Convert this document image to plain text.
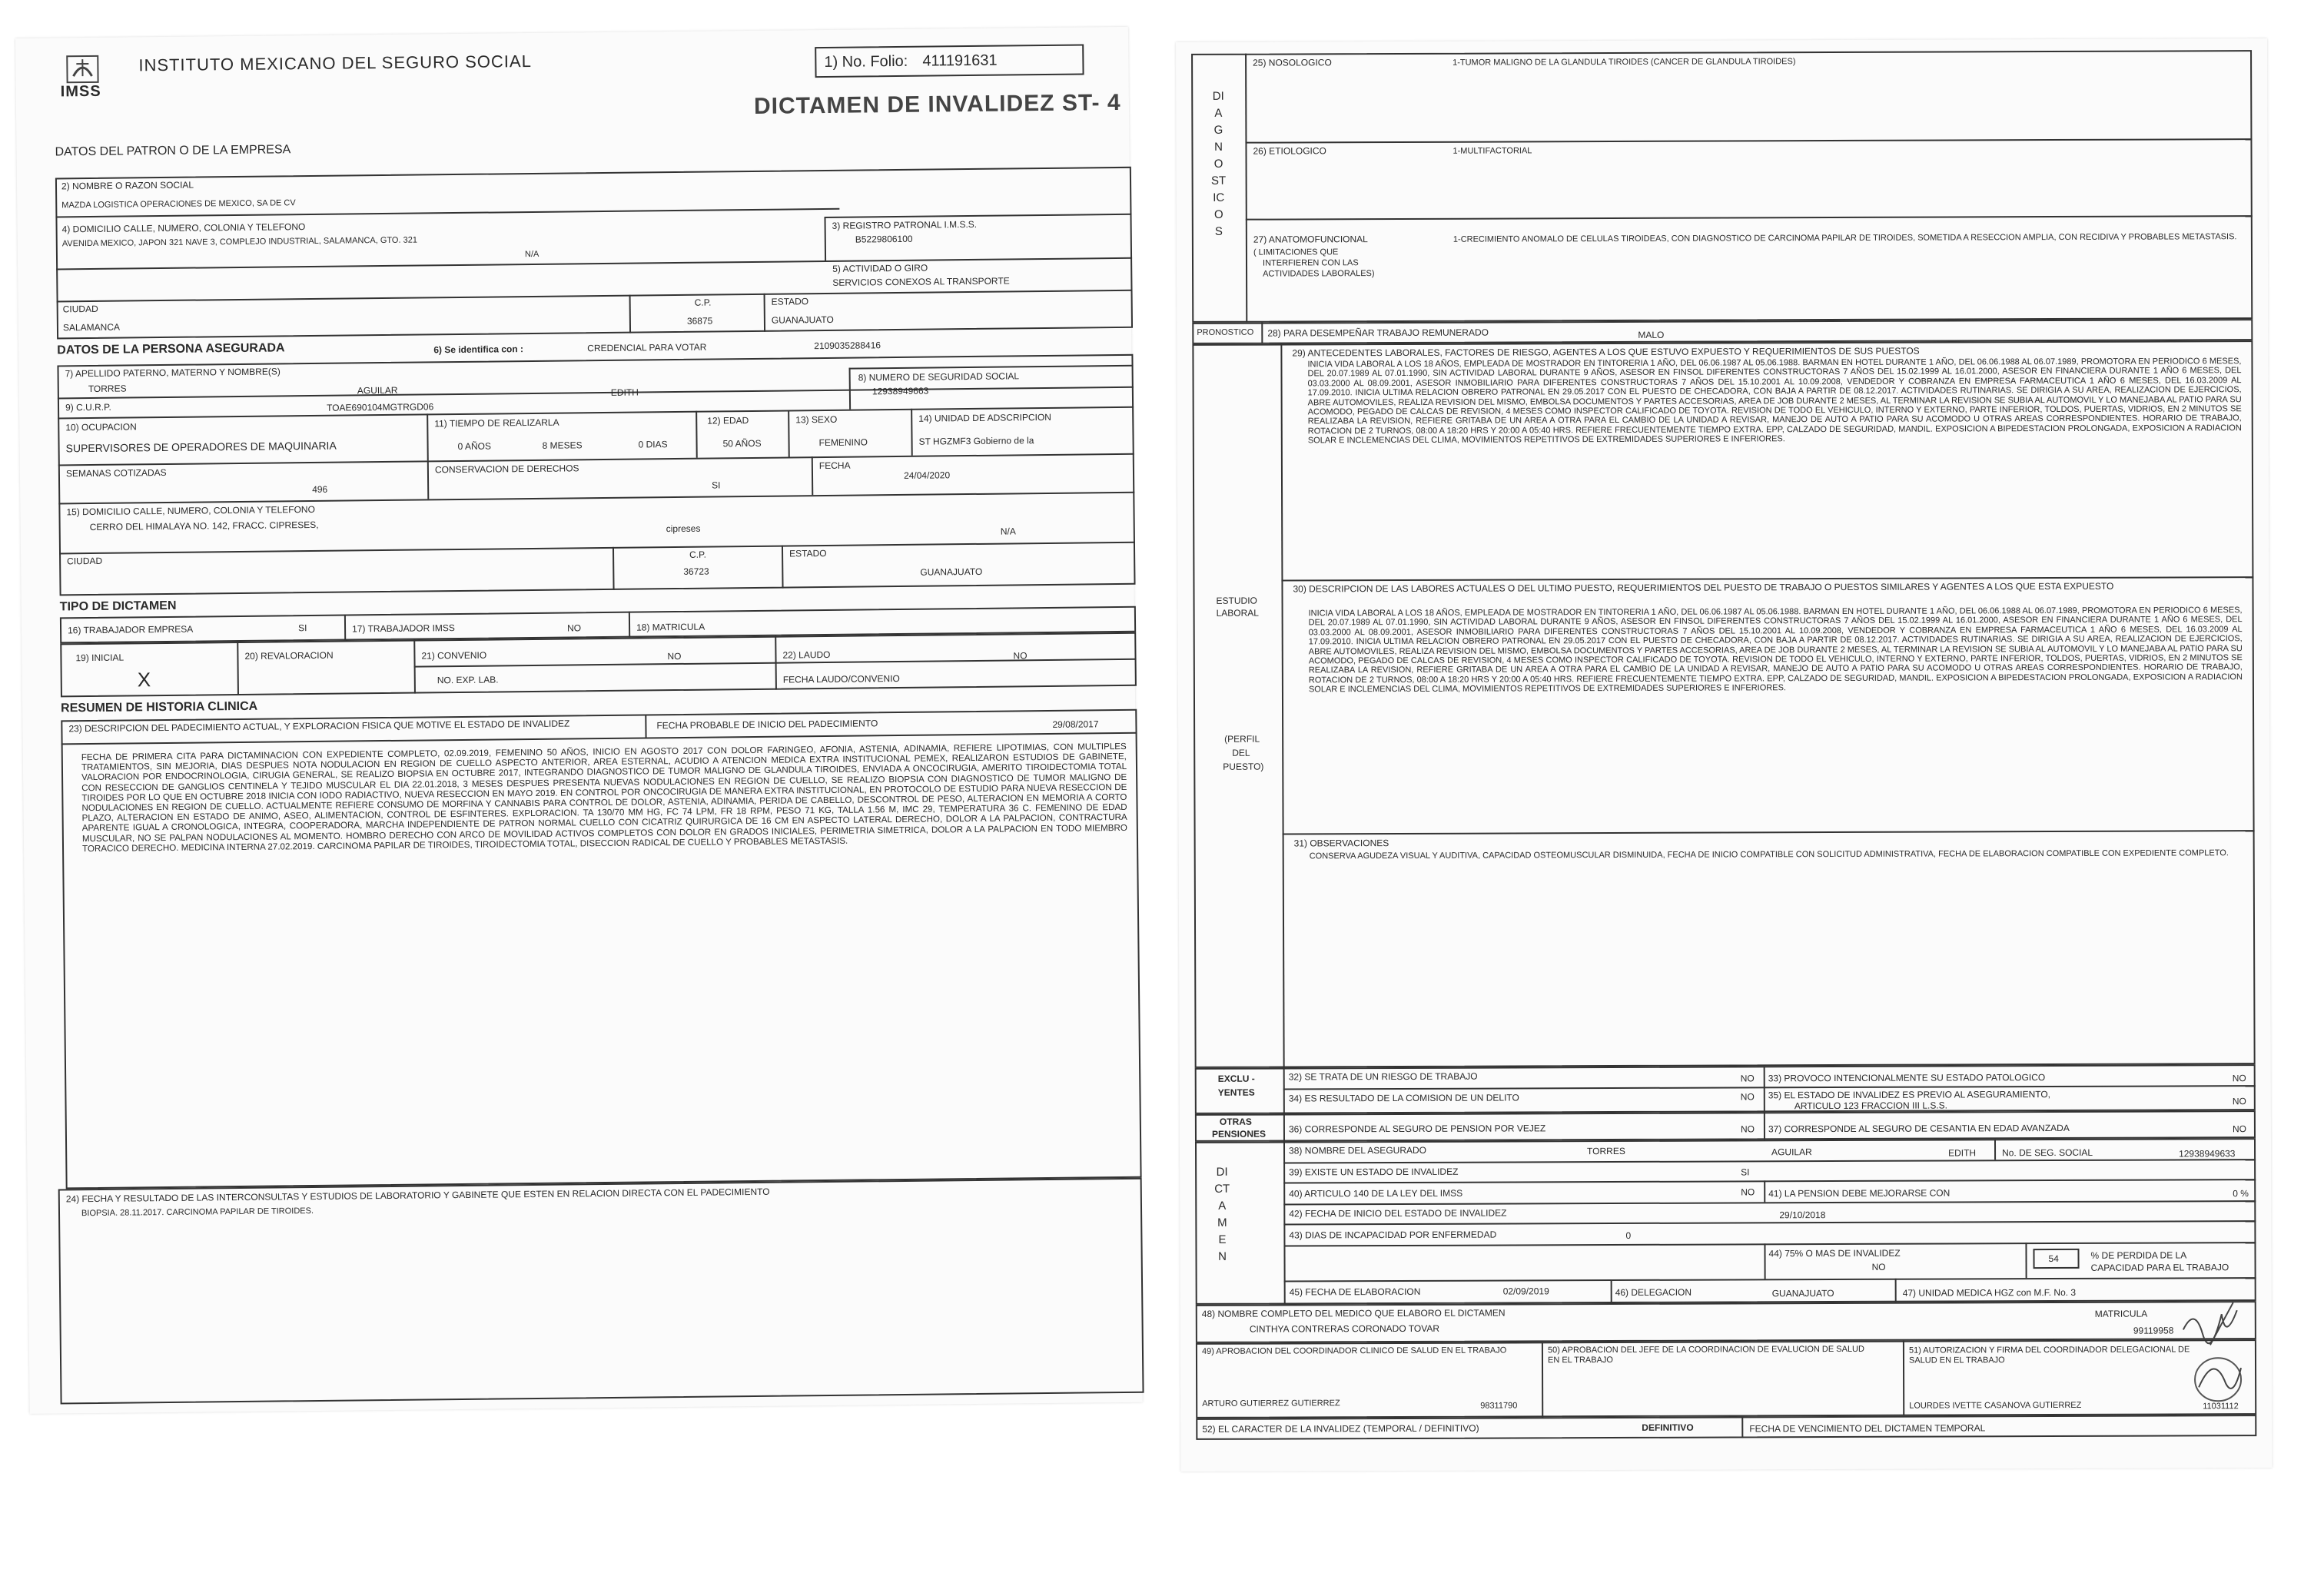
IMSS
INSTITUTO MEXICANO DEL SEGURO SOCIAL	1) No. Folio: 411191631
DICTAMEN DE INVALIDEZ ST- 4
DATOS DEL PATRON O DE LA EMPRESA
2) NOMBRE O RAZON SOCIAL
MAZDA LOGISTICA OPERACIONES DE MEXICO, SA DE CV
3) REGISTRO PATRONAL I.M.S.S.
B5229806100
4) DOMICILIO CALLE, NUMERO, COLONIA Y TELEFONO
AVENIDA MEXICO, JAPON 321 NAVE 3, COMPLEJO INDUSTRIAL, SALAMANCA, GTO. 321
N/A
5) ACTIVIDAD O GIRO
SERVICIOS CONEXOS AL TRANSPORTE
CIUDAD
SALAMANCA
C.P.
36875
ESTADO
GUANAJUATO
DATOS DE LA PERSONA ASEGURADA	6) Se identifica con :	CREDENCIAL PARA VOTAR	2109035288416
7) APELLIDO PATERNO, MATERNO Y NOMBRE(S)
TORRES	AGUILAR	EDITH
8) NUMERO DE SEGURIDAD SOCIAL
12938949663
9) C.U.R.P.	TOAE690104MGTRGD06
10) OCUPACION
SUPERVISORES DE OPERADORES DE MAQUINARIA
11) TIEMPO DE REALIZARLA
0 AÑOS	8 MESES	0 DIAS
12) EDAD
50 AÑOS
13) SEXO
FEMENINO
14) UNIDAD DE ADSCRIPCION
ST HGZMF3 Gobierno de la
SEMANAS COTIZADAS
496
CONSERVACION DE DERECHOS
SI
FECHA
24/04/2020
15) DOMICILIO CALLE, NUMERO, COLONIA Y TELEFONO
CERRO DEL HIMALAYA NO. 142, FRACC. CIPRESES,	cipreses	N/A
CIUDAD
C.P.
36723
ESTADO
GUANAJUATO
TIPO DE DICTAMEN
16) TRABAJADOR EMPRESA	SI	17) TRABAJADOR IMSS	NO	18) MATRICULA
19) INICIAL
X
20) REVALORACION	21) CONVENIO	NO	22) LAUDO	NO
NO. EXP. LAB.	FECHA LAUDO/CONVENIO
RESUMEN DE HISTORIA CLINICA
23) DESCRIPCION DEL PADECIMIENTO ACTUAL, Y EXPLORACION FISICA QUE MOTIVE EL ESTADO DE INVALIDEZ	FECHA PROBABLE DE INICIO DEL PADECIMIENTO	29/08/2017
FECHA DE PRIMERA CITA PARA DICTAMINACION CON EXPEDIENTE COMPLETO, 02.09.2019, FEMENINO 50 AÑOS, INICIO EN AGOSTO 2017 CON DOLOR FARINGEO, AFONIA, ASTENIA, ADINAMIA, REFIERE LIPOTIMIAS, CON MULTIPLES TRATAMIENTOS, SIN MEJORIA, DIAS DESPUES NOTA NODULACION EN REGION DE CUELLO ASPECTO ANTERIOR, AREA ESTERNAL, ACUDIO A ATENCION MEDICA EXTRA INSTITUCIONAL PEMEX, REALIZARON ESTUDIOS DE GABINETE, VALORACION POR ENDOCRINOLOGIA, CIRUGIA GENERAL, SE REALIZO BIOPSIA EN OCTUBRE 2017, INTEGRANDO DIAGNOSTICO DE TUMOR MALIGNO DE GLANDULA TIROIDES, ENVIADA A ONCOCIRUGIA, AMERITO TIROIDECTOMIA TOTAL CON RESECCION DE GANGLIOS CENTINELA Y TEJIDO MUSCULAR EL DIA 22.01.2018, 3 MESES DESPUES PRESENTA NUEVAS NODULACIONES EN REGION DE CUELLO, SE REALIZO BIOPSIA CON DIAGNOSTICO DE TUMOR MALIGNO DE TIROIDES POR LO QUE EN OCTUBRE 2018 INICIA CON IODO RADIACTIVO, NUEVA RESECCION EN MAYO 2019. EN CONTROL POR ONCOCIRUGIA DE MANERA EXTRA INSTITUCIONAL, EN PROTOCOLO DE ESTUDIO PARA NUEVA RESECCION DE NODULACIONES EN REGION DE CUELLO. ACTUALMENTE REFIERE CONSUMO DE MORFINA Y CANNABIS PARA CONTROL DE DOLOR, ASTENIA, ADINAMIA, PERIDA DE CABELLO, DESCONTROL DE PESO, ALTERACION EN MEMORIA A CORTO PLAZO, ALTERACION EN ESTADO DE ANIMO, ASEO, ALIMENTACION, CONTROL DE ESFINTERES. EXPLORACION. TA 130/70 MM HG, FC 74 LPM, FR 18 RPM, PESO 71 KG, TALLA 1.56 M, IMC 29, TEMPERATURA 36 C. FEMENINO DE EDAD APARENTE IGUAL A CRONOLOGICA, INTEGRA, COOPERADORA, MARCHA INDEPENDIENTE DE PATRON NORMAL CUELLO CON CICATRIZ QUIRURGICA DE 16 CM EN ASPECTO LATERAL DERECHO, DOLOR A LA PALPACION, CONTRACTURA MUSCULAR, NO SE PALPAN NODULACIONES AL MOMENTO. HOMBRO DERECHO CON ARCO DE MOVILIDAD ACTIVOS COMPLETOS CON DOLOR EN GRADOS INICIALES, PERIMETRIA SIMETRICA, DOLOR A LA PALPACION EN TODO MIEMBRO TORACICO DERECHO. MEDICINA INTERNA 27.02.2019. CARCINOMA PAPILAR DE TIROIDES, TIROIDECTOMIA TOTAL, DISECCION RADICAL DE CUELLO Y PROBABLES METASTASIS.
24) FECHA Y RESULTADO DE LAS INTERCONSULTAS Y ESTUDIOS DE LABORATORIO Y GABINETE QUE ESTEN EN RELACION DIRECTA CON EL PADECIMIENTO
BIOPSIA. 28.11.2017. CARCINOMA PAPILAR DE TIROIDES.
DIAGNOSTICOS
25) NOSOLOGICO	1-TUMOR MALIGNO DE LA GLANDULA TIROIDES (CANCER DE GLANDULA TIROIDES)
26) ETIOLOGICO	1-MULTIFACTORIAL
27) ANATOMOFUNCIONAL
( LIMITACIONES QUE
INTERFIEREN CON LAS
ACTIVIDADES LABORALES)
1-CRECIMIENTO ANOMALO DE CELULAS TIROIDEAS, CON DIAGNOSTICO DE CARCINOMA PAPILAR DE TIROIDES, SOMETIDA A RESECCION AMPLIA, CON RECIDIVA Y PROBABLES METASTASIS.
PRONOSTICO 28) PARA DESEMPEÑAR TRABAJO REMUNERADO	MALO
ESTUDIO
LABORAL
(PERFIL
DEL
PUESTO)
29) ANTECEDENTES LABORALES, FACTORES DE RIESGO, AGENTES A LOS QUE ESTUVO EXPUESTO Y REQUERIMIENTOS DE SUS PUESTOS
INICIA VIDA LABORAL A LOS 18 AÑOS, EMPLEADA DE MOSTRADOR EN TINTORERIA 1 AÑO, DEL 06.06.1987 AL 05.06.1988. BARMAN EN HOTEL DURANTE 1 AÑO, DEL 06.06.1988 AL 06.07.1989, PROMOTORA EN PERIODICO 6 MESES, DEL 20.07.1989 AL 07.01.1990, SIN ACTIVIDAD LABORAL DURANTE 9 AÑOS, ASESOR EN FINSOL DIFERENTES CONSTRUCTORAS 7 AÑOS DEL 15.02.1999 AL 16.01.2000, ASESOR EN FINANCIERA DURANTE 1 AÑO 6 MESES, DEL 03.03.2000 AL 08.09.2001, ASESOR INMOBILIARIO PARA DIFERENTES CONSTRUCTORAS 7 AÑOS DEL 15.10.2001 AL 10.09.2008, VENDEDOR Y COBRANZA EN EMPRESA FARMACEUTICA 1 AÑO 6 MESES, DEL 16.03.2009 AL 17.09.2010. INICIA ULTIMA RELACION OBRERO PATRONAL EN 29.05.2017 CON EL PUESTO DE CHECADORA, CON BAJA A PARTIR DE 08.12.2017. ACTIVIDADES RUTINARIAS. SE DIRIGIA A SU AREA, REALIZACION DE EJERCICIOS, ABRE AUTOMOVILES, REALIZA REVISION DEL MISMO, EMBOLSA DOCUMENTOS Y PARTES ACCESORIAS, AREA DE JOB DURANTE 2 MESES, AL TERMINAR LA REVISION SE SUBIA AL AUTOMOVIL Y LO MANEJABA AL PATIO PARA SU ACOMODO, PEGADO DE CALCAS DE REVISION, 4 MESES COMO INSPECTOR CALIFICADO DE TOYOTA. REVISION DE TODO EL VEHICULO, INTERNO Y EXTERNO, PARTE INFERIOR, TOLDOS, PUERTAS, VIDRIOS, EN 2 MINUTOS SE REALIZABA LA REVISION, REFIERE GRITABA DE UN AREA A OTRA PARA EL CAMBIO DE LA UNIDAD A REVISAR, MANEJO DE AUTO A PATIO PARA SU ACOMODO U OTRAS AREAS CORRESPONDIENTES. HORARIO DE TRABAJO, ROTACION DE 2 TURNOS, 08:00 A 18:20 HRS Y 20:00 A 05:40 HRS. REFIERE FRECUENTEMENTE TIEMPO EXTRA. EPP, CALZADO DE SEGURIDAD, MANDIL. EXPOSICION A BIPEDESTACION PROLONGADA, EXPOSICION A RADIACION SOLAR E INCLEMENCIAS DEL CLIMA, MOVIMIENTOS REPETITIVOS DE EXTREMIDADES SUPERIORES E INFERIORES.
30) DESCRIPCION DE LAS LABORES ACTUALES O DEL ULTIMO PUESTO, REQUERIMIENTOS DEL PUESTO DE TRABAJO O PUESTOS SIMILARES Y AGENTES A LOS QUE ESTA EXPUESTO
INICIA VIDA LABORAL A LOS 18 AÑOS, EMPLEADA DE MOSTRADOR EN TINTORERIA 1 AÑO, DEL 06.06.1987 AL 05.06.1988. BARMAN EN HOTEL DURANTE 1 AÑO, DEL 06.06.1988 AL 06.07.1989, PROMOTORA EN PERIODICO 6 MESES, DEL 20.07.1989 AL 07.01.1990, SIN ACTIVIDAD LABORAL DURANTE 9 AÑOS, ASESOR EN FINSOL DIFERENTES CONSTRUCTORAS 7 AÑOS DEL 15.02.1999 AL 16.01.2000, ASESOR EN FINANCIERA DURANTE 1 AÑO 6 MESES, DEL 03.03.2000 AL 08.09.2001, ASESOR INMOBILIARIO PARA DIFERENTES CONSTRUCTORAS 7 AÑOS DEL 15.10.2001 AL 10.09.2008, VENDEDOR Y COBRANZA EN EMPRESA FARMACEUTICA 1 AÑO 6 MESES, DEL 16.03.2009 AL 17.09.2010. INICIA ULTIMA RELACION OBRERO PATRONAL EN 29.05.2017 CON EL PUESTO DE CHECADORA, CON BAJA A PARTIR DE 08.12.2017. ACTIVIDADES RUTINARIAS. SE DIRIGIA A SU AREA, REALIZACION DE EJERCICIOS, ABRE AUTOMOVILES, REALIZA REVISION DEL MISMO, EMBOLSA DOCUMENTOS Y PARTES ACCESORIAS, AREA DE JOB DURANTE 2 MESES, AL TERMINAR LA REVISION SE SUBIA AL AUTOMOVIL Y LO MANEJABA AL PATIO PARA SU ACOMODO, PEGADO DE CALCAS DE REVISION, 4 MESES COMO INSPECTOR CALIFICADO DE TOYOTA. REVISION DE TODO EL VEHICULO, INTERNO Y EXTERNO, PARTE INFERIOR, TOLDOS, PUERTAS, VIDRIOS, EN 2 MINUTOS SE REALIZABA LA REVISION, REFIERE GRITABA DE UN AREA A OTRA PARA EL CAMBIO DE LA UNIDAD A REVISAR, MANEJO DE AUTO A PATIO PARA SU ACOMODO U OTRAS AREAS CORRESPONDIENTES. HORARIO DE TRABAJO, ROTACION DE 2 TURNOS, 08:00 A 18:20 HRS Y 20:00 A 05:40 HRS. REFIERE FRECUENTEMENTE TIEMPO EXTRA. EPP, CALZADO DE SEGURIDAD, MANDIL. EXPOSICION A BIPEDESTACION PROLONGADA, EXPOSICION A RADIACION SOLAR E INCLEMENCIAS DEL CLIMA, MOVIMIENTOS REPETITIVOS DE EXTREMIDADES SUPERIORES E INFERIORES.
31) OBSERVACIONES
CONSERVA AGUDEZA VISUAL Y AUDITIVA, CAPACIDAD OSTEOMUSCULAR DISMINUIDA, FECHA DE INICIO COMPATIBLE CON SOLICITUD ADMINISTRATIVA, FECHA DE ELABORACION COMPATIBLE CON EXPEDIENTE COMPLETO.
EXCLU -
YENTES
32) SE TRATA DE UN RIESGO DE TRABAJO	NO 33) PROVOCO INTENCIONALMENTE SU ESTADO PATOLOGICO	NO
34) ES RESULTADO DE LA COMISION DE UN DELITO	NO 35) EL ESTADO DE INVALIDEZ ES PREVIO AL ASEGURAMIENTO,
ARTICULO 123 FRACCION III L.S.S.	NO
OTRAS
PENSIONES 36) CORRESPONDE AL SEGURO DE PENSION POR VEJEZ	NO 37) CORRESPONDE AL SEGURO DE CESANTIA EN EDAD AVANZADA	NO
DICTAMEN
38) NOMBRE DEL ASEGURADO	TORRES	AGUILAR	EDITH	No. DE SEG. SOCIAL	12938949633
39) EXISTE UN ESTADO DE INVALIDEZ	SI
40) ARTICULO 140 DE LA LEY DEL IMSS	NO 41) LA PENSION DEBE MEJORARSE CON	0 %
42) FECHA DE INICIO DEL ESTADO DE INVALIDEZ	29/10/2018
43) DIAS DE INCAPACIDAD POR ENFERMEDAD	0
44) 75% O MAS DE INVALIDEZ
NO
54	% DE PERDIDA DE LA
CAPACIDAD PARA EL TRABAJO
45) FECHA DE ELABORACION	02/09/2019	46) DELEGACION	GUANAJUATO	47) UNIDAD MEDICA HGZ con M.F. No. 3
48) NOMBRE COMPLETO DEL MEDICO QUE ELABORO EL DICTAMEN
CINTHYA CONTRERAS CORONADO TOVAR
MATRICULA
99119958
49) APROBACION DEL COORDINADOR CLINICO DE SALUD EN EL TRABAJO
ARTURO GUTIERREZ GUTIERREZ	98311790
50) APROBACION DEL JEFE DE LA COORDINACION DE EVALUCION DE SALUD EN EL TRABAJO
51) AUTORIZACION Y FIRMA DEL COORDINADOR DELEGACIONAL DE SALUD EN EL TRABAJO
LOURDES IVETTE CASANOVA GUTIERREZ	11031112
52) EL CARACTER DE LA INVALIDEZ (TEMPORAL / DEFINITIVO)	DEFINITIVO	FECHA DE VENCIMIENTO DEL DICTAMEN TEMPORAL
